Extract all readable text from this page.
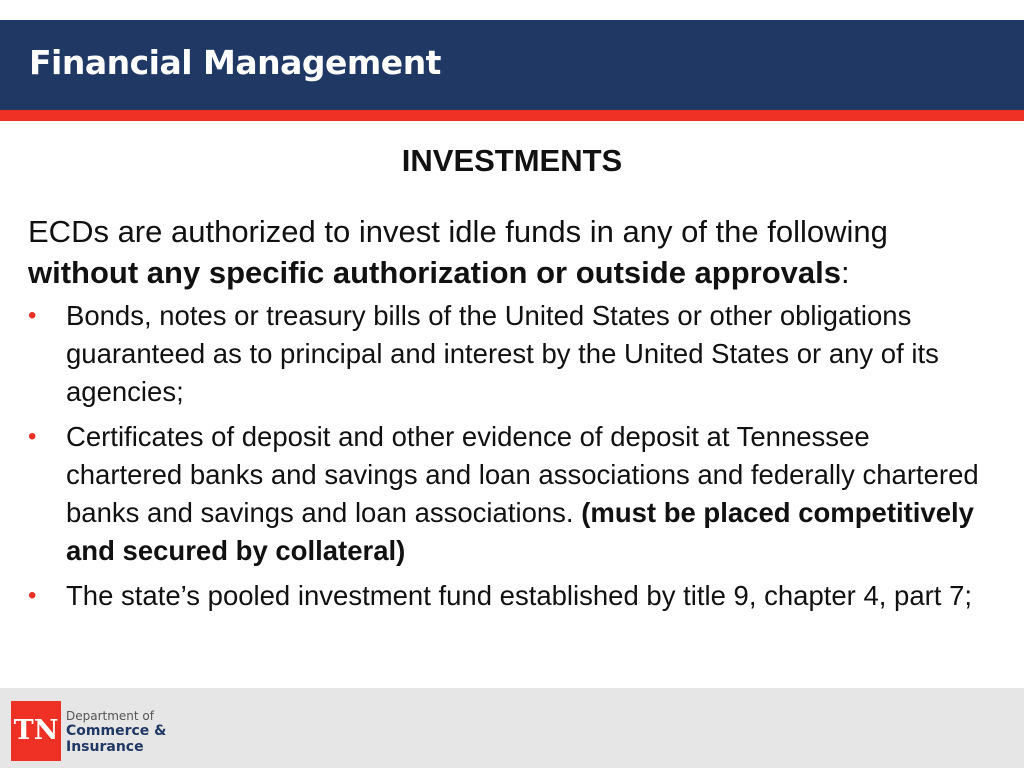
Financial Management
INVESTMENTS

ECDs are authorized to invest idle funds in any of the following without any specific authorization or outside approvals:

• Bonds, notes or treasury bills of the United States or other obligations guaranteed as to principal and interest by the United States or any of its agencies;
• Certificates of deposit and other evidence of deposit at Tennessee chartered banks and savings and loan associations and federally chartered banks and savings and loan associations. (must be placed competitively and secured by collateral)
• The state’s pooled investment fund established by title 9, chapter 4, part 7;
TN Department of
Commerce &
Insurance
